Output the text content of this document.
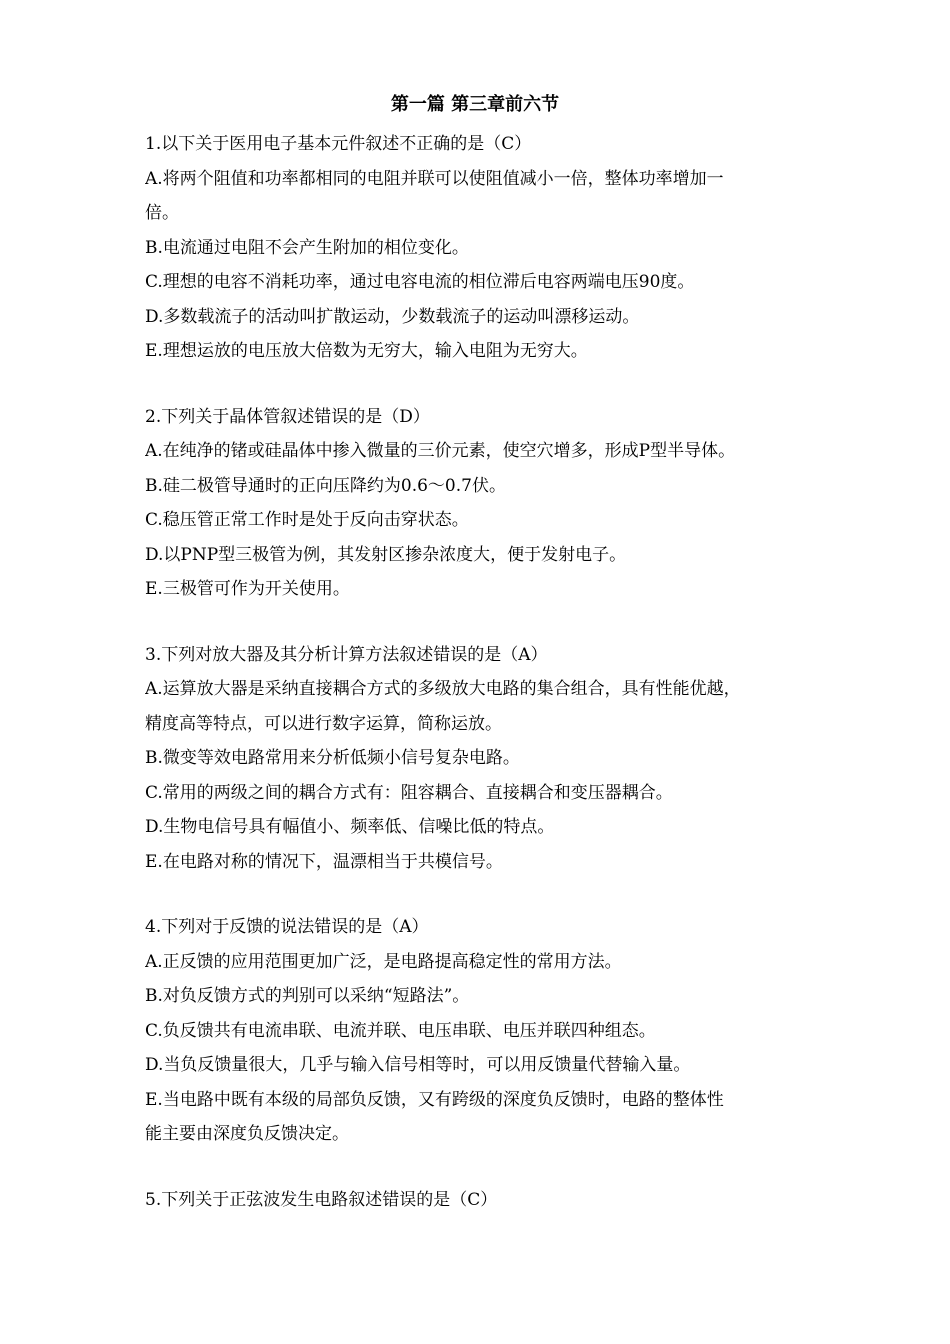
第一篇 第三章前六节

1.以下关于医用电子基本元件叙述不正确的是（C）

A.将两个阻值和功率都相同的电阻并联可以使阻值减小一倍，整体功率增加一

倍。

B.电流通过电阻不会产生附加的相位变化。

C.理想的电容不消耗功率，通过电容电流的相位滞后电容两端电压90度。

D.多数载流子的活动叫扩散运动，少数载流子的运动叫漂移运动。

E.理想运放的电压放大倍数为无穷大，输入电阻为无穷大。

2.下列关于晶体管叙述错误的是（D）

A.在纯净的锗或硅晶体中掺入微量的三价元素，使空穴增多，形成P型半导体。

B.硅二极管导通时的正向压降约为0.6～0.7伏。

C.稳压管正常工作时是处于反向击穿状态。

D.以PNP型三极管为例，其发射区掺杂浓度大，便于发射电子。

E.三极管可作为开关使用。

3.下列对放大器及其分析计算方法叙述错误的是（A）

A.运算放大器是采纳直接耦合方式的多级放大电路的集合组合，具有性能优越，

精度高等特点，可以进行数字运算，简称运放。

B.微变等效电路常用来分析低频小信号复杂电路。

C.常用的两级之间的耦合方式有：阻容耦合、直接耦合和变压器耦合。

D.生物电信号具有幅值小、频率低、信噪比低的特点。

E.在电路对称的情况下，温漂相当于共模信号。

4.下列对于反馈的说法错误的是（A）

A.正反馈的应用范围更加广泛，是电路提高稳定性的常用方法。

B.对负反馈方式的判别可以采纳“短路法”。

C.负反馈共有电流串联、电流并联、电压串联、电压并联四种组态。

D.当负反馈量很大，几乎与输入信号相等时，可以用反馈量代替输入量。

E.当电路中既有本级的局部负反馈，又有跨级的深度负反馈时，电路的整体性

能主要由深度负反馈决定。

5.下列关于正弦波发生电路叙述错误的是（C）
